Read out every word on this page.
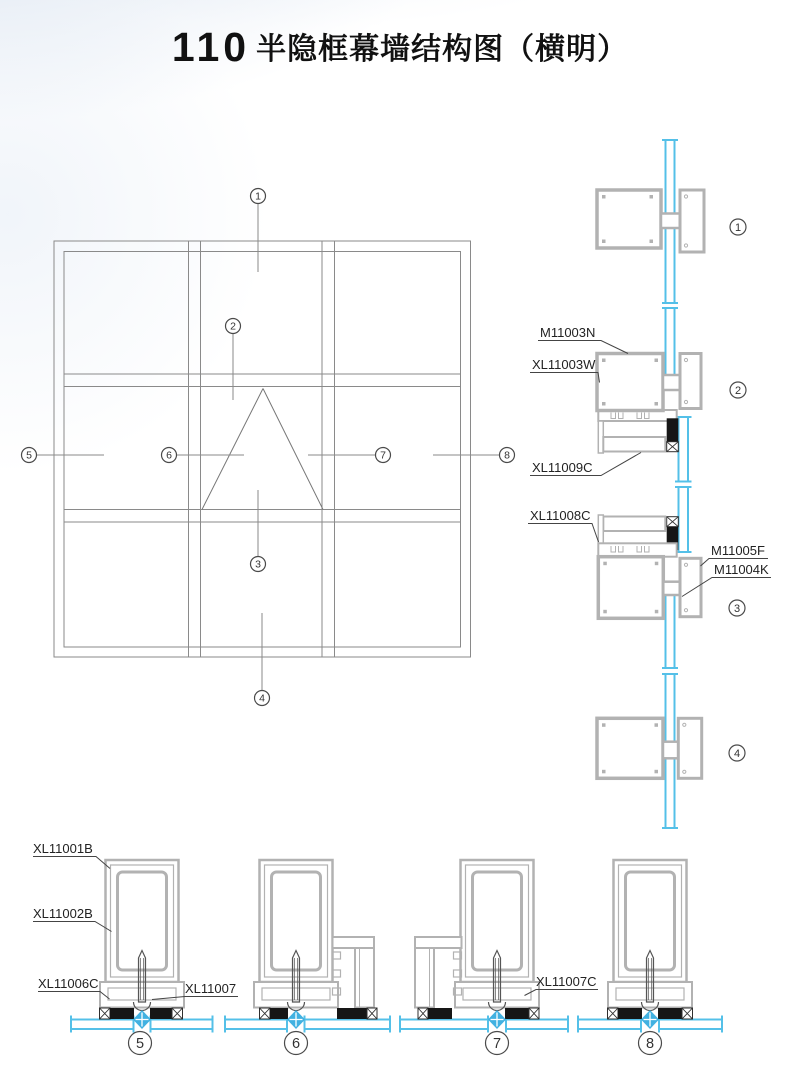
110 半隐框幕墙结构图（横明）
1
2
3
4
5	6	7	8
1
2
3
4
M11003N
XL11003W
XL11009C
XL11008C
M11005F
M11004K
5	6	7	8
XL11001B
XL11002B
XL11006C	XL11007	XL11007C
